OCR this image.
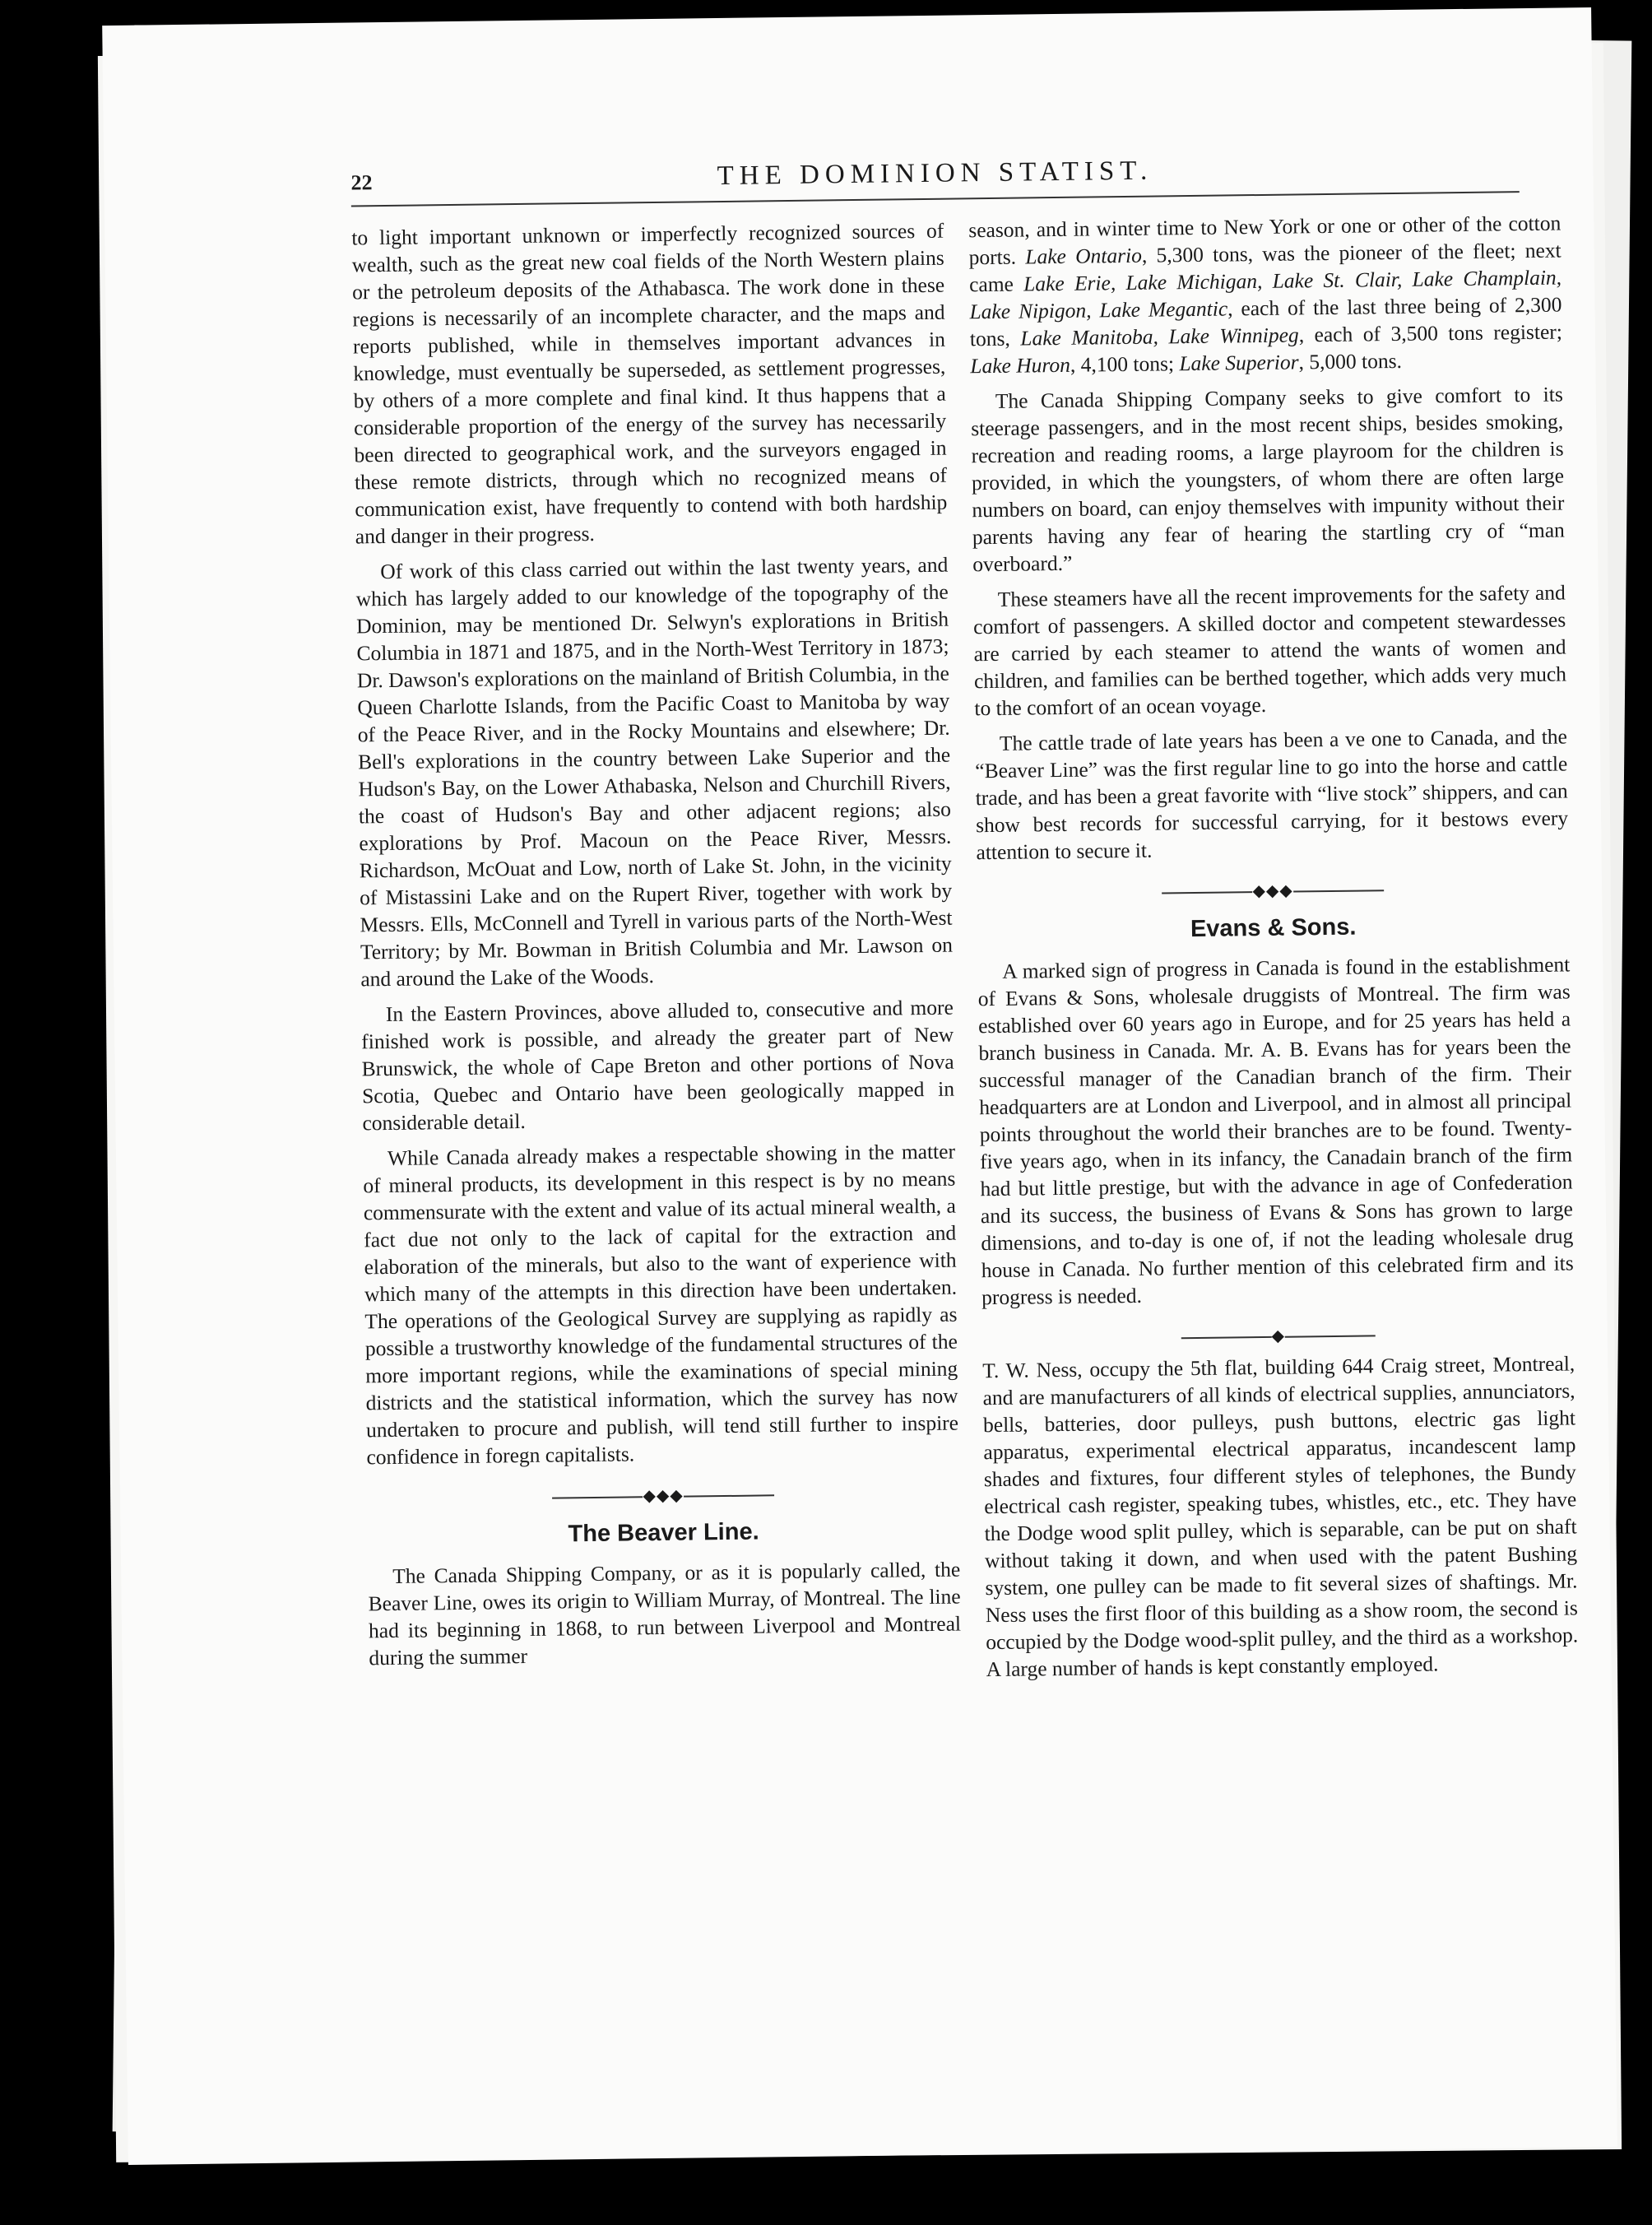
22	THE DOMINION STATIST.

to light important unknown or imperfectly recognized sources of wealth, such as the great new coal fields of the North Western plains or the petroleum deposits of the Athabasca. The work done in these regions is necessarily of an incomplete character, and the maps and reports published, while in themselves important advances in knowledge, must eventually be superseded, as settlement progresses, by others of a more complete and final kind. It thus happens that a considerable proportion of the energy of the survey has necessarily been directed to geographical work, and the surveyors engaged in these remote districts, through which no recognized means of communication exist, have frequently to contend with both hardship and danger in their progress.

Of work of this class carried out within the last twenty years, and which has largely added to our knowledge of the topography of the Dominion, may be mentioned Dr. Selwyn's explorations in British Columbia in 1871 and 1875, and in the North-West Territory in 1873; Dr. Dawson's explorations on the mainland of British Columbia, in the Queen Charlotte Islands, from the Pacific Coast to Manitoba by way of the Peace River, and in the Rocky Mountains and elsewhere; Dr. Bell's explorations in the country between Lake Superior and the Hudson's Bay, on the Lower Athabaska, Nelson and Churchill Rivers, the coast of Hudson's Bay and other adjacent regions; also explorations by Prof. Macoun on the Peace River, Messrs. Richardson, McOuat and Low, north of Lake St. John, in the vicinity of Mistassini Lake and on the Rupert River, together with work by Messrs. Ells, McConnell and Tyrell in various parts of the North-West Territory; by Mr. Bowman in British Columbia and Mr. Lawson on and around the Lake of the Woods.

In the Eastern Provinces, above alluded to, consecutive and more finished work is possible, and already the greater part of New Brunswick, the whole of Cape Breton and other portions of Nova Scotia, Quebec and Ontario have been geologically mapped in considerable detail.

While Canada already makes a respectable showing in the matter of mineral products, its development in this respect is by no means commensurate with the extent and value of its actual mineral wealth, a fact due not only to the lack of capital for the extraction and elaboration of the minerals, but also to the want of experience with which many of the attempts in this direction have been undertaken. The operations of the Geological Survey are supplying as rapidly as possible a trustworthy knowledge of the fundamental structures of the more important regions, while the examinations of special mining districts and the statistical information, which the survey has now undertaken to procure and publish, will tend still further to inspire confidence in foregn capitalists.

◆◆◆
The Beaver Line.

The Canada Shipping Company, or as it is popularly called, the Beaver Line, owes its origin to William Murray, of Montreal. The line had its beginning in 1868, to run between Liverpool and Montreal during the summer

season, and in winter time to New York or one or other of the cotton ports. Lake Ontario, 5,300 tons, was the pioneer of the fleet; next came Lake Erie, Lake Michigan, Lake St. Clair, Lake Champlain, Lake Nipigon, Lake Megantic, each of the last three being of 2,300 tons, Lake Manitoba, Lake Winnipeg, each of 3,500 tons register; Lake Huron, 4,100 tons; Lake Superior, 5,000 tons.

The Canada Shipping Company seeks to give comfort to its steerage passengers, and in the most recent ships, besides smoking, recreation and reading rooms, a large playroom for the children is provided, in which the youngsters, of whom there are often large numbers on board, can enjoy themselves with impunity without their parents having any fear of hearing the startling cry of “man overboard.”

These steamers have all the recent improvements for the safety and comfort of passengers. A skilled doctor and competent stewardesses are carried by each steamer to attend the wants of women and children, and families can be berthed together, which adds very much to the comfort of an ocean voyage.

The cattle trade of late years has been a ve one to Canada, and the “Beaver Line” was the first regular line to go into the horse and cattle trade, and has been a great favorite with “live stock” shippers, and can show best records for successful carrying, for it bestows every attention to secure it.

◆◆◆
Evans & Sons.

A marked sign of progress in Canada is found in the establishment of Evans & Sons, wholesale druggists of Montreal. The firm was established over 60 years ago in Europe, and for 25 years has held a branch business in Canada. Mr. A. B. Evans has for years been the successful manager of the Canadian branch of the firm. Their headquarters are at London and Liverpool, and in almost all principal points throughout the world their branches are to be found. Twenty-five years ago, when in its infancy, the Canadain branch of the firm had but little prestige, but with the advance in age of Confederation and its success, the business of Evans & Sons has grown to large dimensions, and to-day is one of, if not the leading wholesale drug house in Canada. No further mention of this celebrated firm and its progress is needed.

◆

T. W. Ness, occupy the 5th flat, building 644 Craig street, Montreal, and are manufacturers of all kinds of electrical supplies, annunciators, bells, batteries, door pulleys, push buttons, electric gas light apparatus, experimental electrical apparatus, incandescent lamp shades and fixtures, four different styles of telephones, the Bundy electrical cash register, speaking tubes, whistles, etc., etc. They have the Dodge wood split pulley, which is separable, can be put on shaft without taking it down, and when used with the patent Bushing system, one pulley can be made to fit several sizes of shaftings. Mr. Ness uses the first floor of this building as a show room, the second is occupied by the Dodge wood-split pulley, and the third as a workshop. A large number of hands is kept constantly employed.
